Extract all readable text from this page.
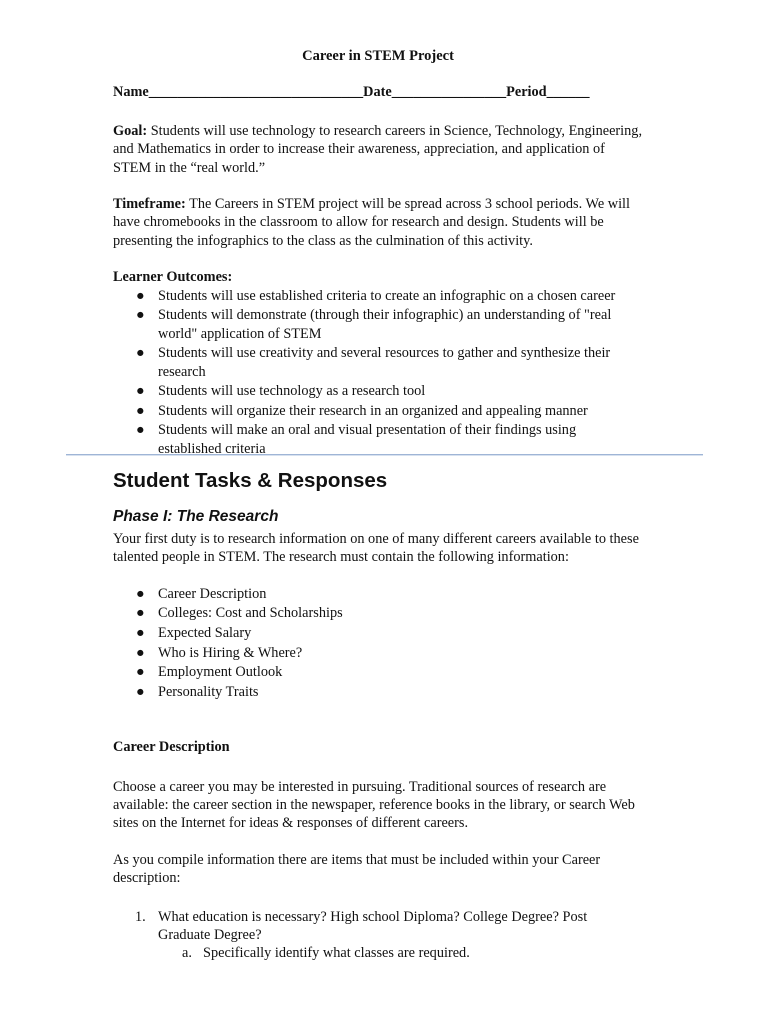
Career in STEM Project
Name______________________________Date________________Period______

Goal: Students will use technology to research careers in Science, Technology, Engineering, and Mathematics in order to increase their awareness, appreciation, and application of STEM in the “real world.”

Timeframe: The Careers in STEM project will be spread across 3 school periods. We will have chromebooks in the classroom to allow for research and design. Students will be presenting the infographics to the class as the culmination of this activity.

Learner Outcomes:

● Students will use established criteria to create an infographic on a chosen career
● Students will demonstrate (through their infographic) an understanding of "real world" application of STEM
● Students will use creativity and several resources to gather and synthesize their research
● Students will use technology as a research tool
● Students will organize their research in an organized and appealing manner
● Students will make an oral and visual presentation of their findings using established criteria
Student Tasks & Responses
Phase I: The Research

Your first duty is to research information on one of many different careers available to these talented people in STEM. The research must contain the following information:

● Career Description
● Colleges: Cost and Scholarships
● Expected Salary
● Who is Hiring & Where?
● Employment Outlook
● Personality Traits

Career Description

Choose a career you may be interested in pursuing. Traditional sources of research are available: the career section in the newspaper, reference books in the library, or search Web sites on the Internet for ideas & responses of different careers.

As you compile information there are items that must be included within your Career description:

1. What education is necessary? High school Diploma? College Degree? Post Graduate Degree?
a. Specifically identify what classes are required.
